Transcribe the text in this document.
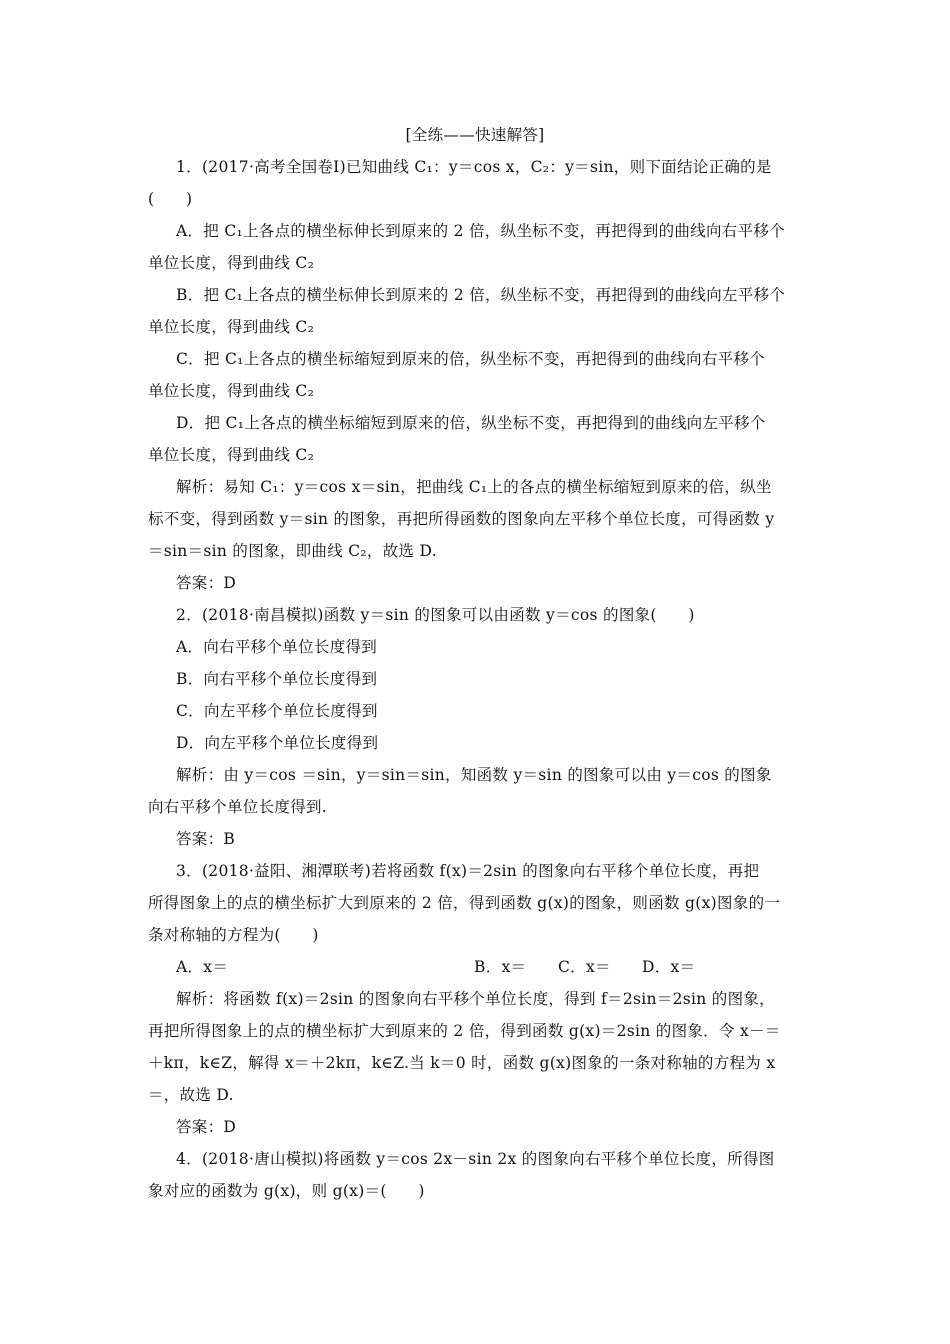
[全练——快速解答]
1．(2017·高考全国卷Ⅰ)已知曲线 C₁：y＝cos x，C₂：y＝sin，则下面结论正确的是
(　　)
A．把 C₁上各点的横坐标伸长到原来的 2 倍，纵坐标不变，再把得到的曲线向右平移个
单位长度，得到曲线 C₂
B．把 C₁上各点的横坐标伸长到原来的 2 倍，纵坐标不变，再把得到的曲线向左平移个
单位长度，得到曲线 C₂
C．把 C₁上各点的横坐标缩短到原来的倍，纵坐标不变，再把得到的曲线向右平移个
单位长度，得到曲线 C₂
D．把 C₁上各点的横坐标缩短到原来的倍，纵坐标不变，再把得到的曲线向左平移个
单位长度，得到曲线 C₂
解析：易知 C₁：y＝cos x＝sin，把曲线 C₁上的各点的横坐标缩短到原来的倍，纵坐
标不变，得到函数 y＝sin 的图象，再把所得函数的图象向左平移个单位长度，可得函数 y
＝sin＝sin 的图象，即曲线 C₂，故选 D.
答案：D
2．(2018·南昌模拟)函数 y＝sin 的图象可以由函数 y＝cos 的图象(　　)
A．向右平移个单位长度得到
B．向右平移个单位长度得到
C．向左平移个单位长度得到
D．向左平移个单位长度得到
解析：由 y＝cos ＝sin，y＝sin＝sin，知函数 y＝sin 的图象可以由 y＝cos 的图象
向右平移个单位长度得到.
答案：B
3．(2018·益阳、湘潭联考)若将函数 f(x)＝2sin 的图象向右平移个单位长度，再把
所得图象上的点的横坐标扩大到原来的 2 倍，得到函数 g(x)的图象，则函数 g(x)图象的一
条对称轴的方程为(　　)
A．x＝	B．x＝	C．x＝	D．x＝
解析：将函数 f(x)＝2sin 的图象向右平移个单位长度，得到 f＝2sin＝2sin 的图象，
再把所得图象上的点的横坐标扩大到原来的 2 倍，得到函数 g(x)＝2sin 的图象．令 x－＝
＋kπ，k∈Z，解得 x＝＋2kπ，k∈Z.当 k＝0 时，函数 g(x)图象的一条对称轴的方程为 x
＝，故选 D.
答案：D
4．(2018·唐山模拟)将函数 y＝cos 2x－sin 2x 的图象向右平移个单位长度，所得图
象对应的函数为 g(x)，则 g(x)＝(　　)
